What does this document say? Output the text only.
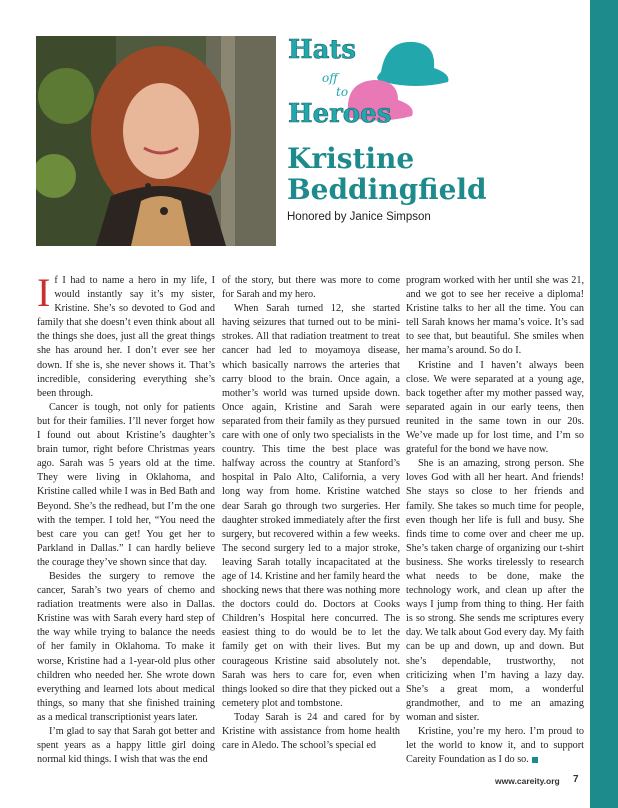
Hats
off
to
Heroes
Kristine
Beddingfield
Honored by Janice Simpson

If I had to name a hero in my life, I would instantly say it’s my sister, Kristine. She’s so devoted to God and family that she doesn’t even think about all the things she does, just all the great things she has around her. I don’t ever see her down. If she is, she never shows it. That’s incredible, considering everything she’s been through.

Cancer is tough, not only for patients but for their families. I’ll never forget how I found out about Kristine’s daughter’s brain tumor, right before Christmas years ago. Sarah was 5 years old at the time. They were living in Oklahoma, and Kristine called while I was in Bed Bath and Beyond. She’s the redhead, but I’m the one with the temper. I told her, “You need the best care you can get! You get her to Parkland in Dallas.” I can hardly believe the courage they’ve shown since that day.

Besides the surgery to remove the cancer, Sarah’s two years of chemo and radiation treatments were also in Dallas. Kristine was with Sarah every hard step of the way while trying to balance the needs of her family in Oklahoma. To make it worse, Kristine had a 1-year-old plus other children who needed her. She wrote down everything and learned lots about medical things, so many that she finished training as a medical transcriptionist years later.

I’m glad to say that Sarah got better and spent years as a happy little girl doing normal kid things. I wish that was the end

of the story, but there was more to come for Sarah and my hero.

When Sarah turned 12, she started having seizures that turned out to be mini-strokes. All that radiation treatment to treat cancer had led to moyamoya disease, which basically narrows the arteries that carry blood to the brain. Once again, a mother’s world was turned upside down. Once again, Kristine and Sarah were separated from their family as they pursued care with one of only two specialists in the country. This time the best place was halfway across the country at Stanford’s hospital in Palo Alto, California, a very long way from home. Kristine watched dear Sarah go through two surgeries. Her daughter stroked immediately after the first surgery, but recovered within a few weeks. The second surgery led to a major stroke, leaving Sarah totally incapacitated at the age of 14. Kristine and her family heard the shocking news that there was nothing more the doctors could do. Doctors at Cooks Children’s Hospital here concurred. The easiest thing to do would be to let the family get on with their lives. But my courageous Kristine said absolutely not. Sarah was hers to care for, even when things looked so dire that they picked out a cemetery plot and tombstone.

Today Sarah is 24 and cared for by Kristine with assistance from home health care in Aledo. The school’s special ed

program worked with her until she was 21, and we got to see her receive a diploma! Kristine talks to her all the time. You can tell Sarah knows her mama’s voice. It’s sad to see that, but beautiful. She smiles when her mama’s around. So do I.

Kristine and I haven’t always been close. We were separated at a young age, back together after my mother passed way, separated again in our early teens, then reunited in the same town in our 20s. We’ve made up for lost time, and I’m so grateful for the bond we have now.

She is an amazing, strong person. She loves God with all her heart. And friends! She stays so close to her friends and family. She takes so much time for people, even though her life is full and busy. She finds time to come over and cheer me up. She’s taken charge of organizing our t-shirt business. She works tirelessly to research what needs to be done, make the technology work, and clean up after the ways I jump from thing to thing. Her faith is so strong. She sends me scriptures every day. We talk about God every day. My faith can be up and down, up and down. But she’s dependable, trustworthy, not criticizing when I’m having a lazy day. She’s a great mom, a wonderful grandmother, and to me an amazing woman and sister.

Kristine, you’re my hero. I’m proud to let the world to know it, and to support Careity Foundation as I do so.

www.careity.org 7
